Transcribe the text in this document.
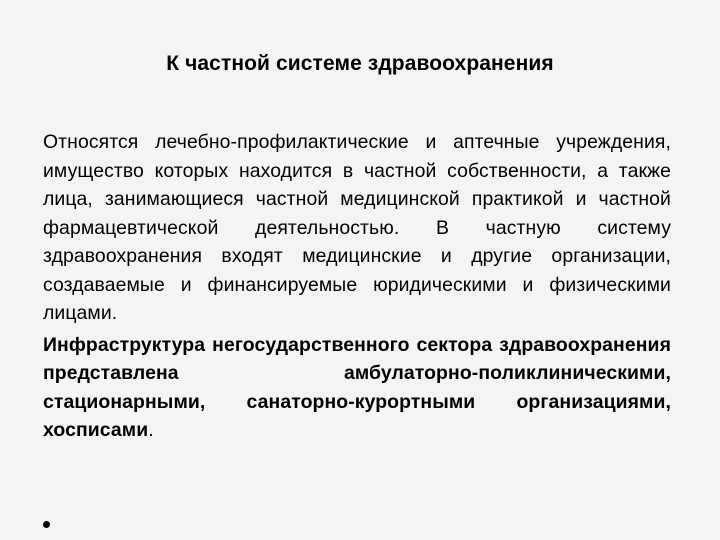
К частной системе здравоохранения

Относятся лечебно-профилактические и аптечные учреждения, имущество которых находится в частной собственности, а также лица, занимающиеся частной медицинской практикой и частной фармацевтической деятельностью. В частную систему здравоохранения входят медицинские и другие организации, создаваемые и финансируемые юридическими и физическими лицами.

Инфраструктура негосударственного сектора здравоохранения представлена амбулаторно-поликлиническими, стационарными, санаторно-курортными организациями, хосписами.
